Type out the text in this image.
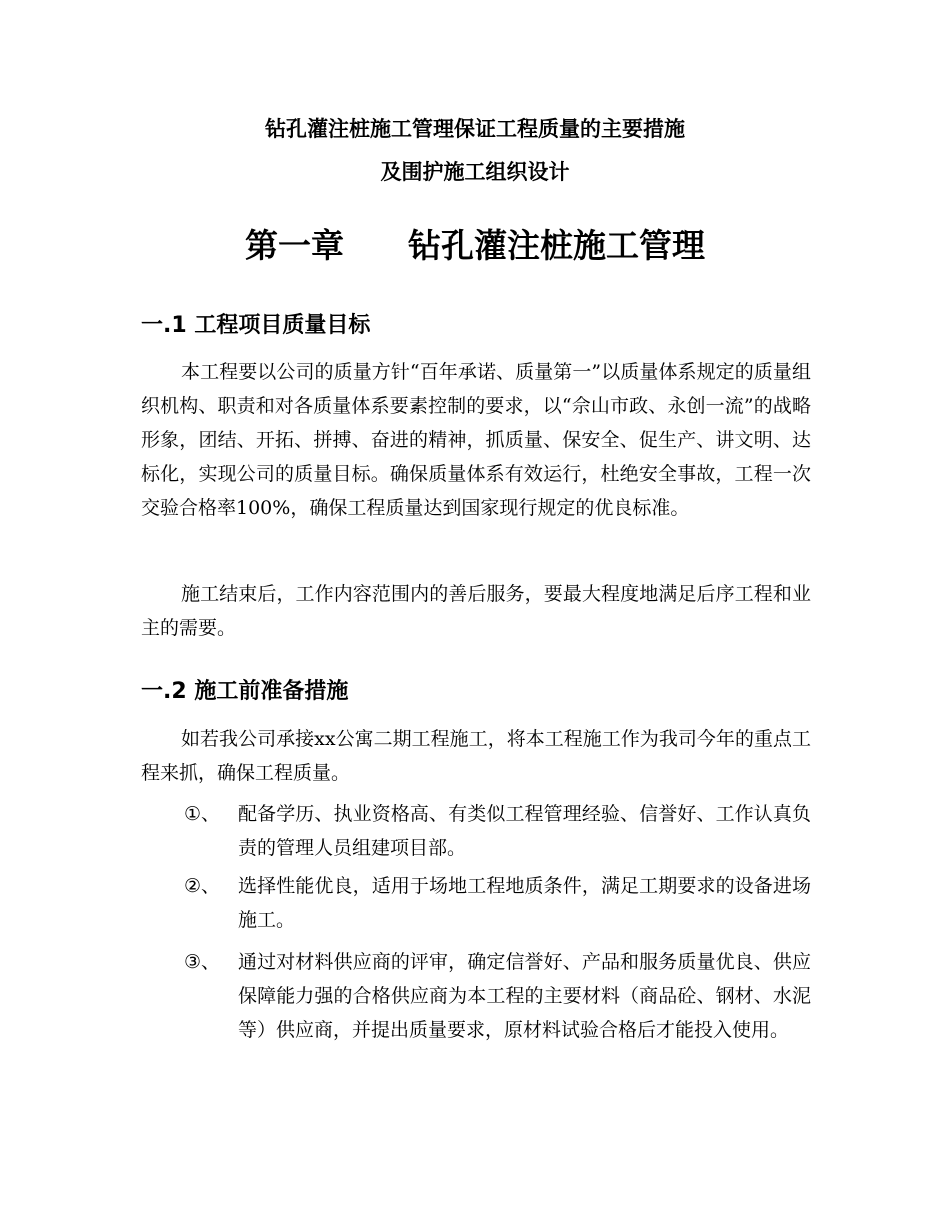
钻孔灌注桩施工管理保证工程质量的主要措施
及围护施工组织设计
第一章 钻孔灌注桩施工管理
一.1 工程项目质量目标

本工程要以公司的质量方针“百年承诺、质量第一”以质量体系规定的质量组织机构、职责和对各质量体系要素控制的要求，以“佘山市政、永创一流”的战略形象，团结、开拓、拼搏、奋进的精神，抓质量、保安全、促生产、讲文明、达标化，实现公司的质量目标。确保质量体系有效运行，杜绝安全事故，工程一次交验合格率100%，确保工程质量达到国家现行规定的优良标准。

施工结束后，工作内容范围内的善后服务，要最大程度地满足后序工程和业主的需要。

一.2 施工前准备措施

如若我公司承接xx公寓二期工程施工，将本工程施工作为我司今年的重点工程来抓，确保工程质量。

①、 配备学历、执业资格高、有类似工程管理经验、信誉好、工作认真负责的管理人员组建项目部。

②、 选择性能优良，适用于场地工程地质条件，满足工期要求的设备进场施工。

③、 通过对材料供应商的评审，确定信誉好、产品和服务质量优良、供应保障能力强的合格供应商为本工程的主要材料（商品砼、钢材、水泥等）供应商，并提出质量要求，原材料试验合格后才能投入使用。
